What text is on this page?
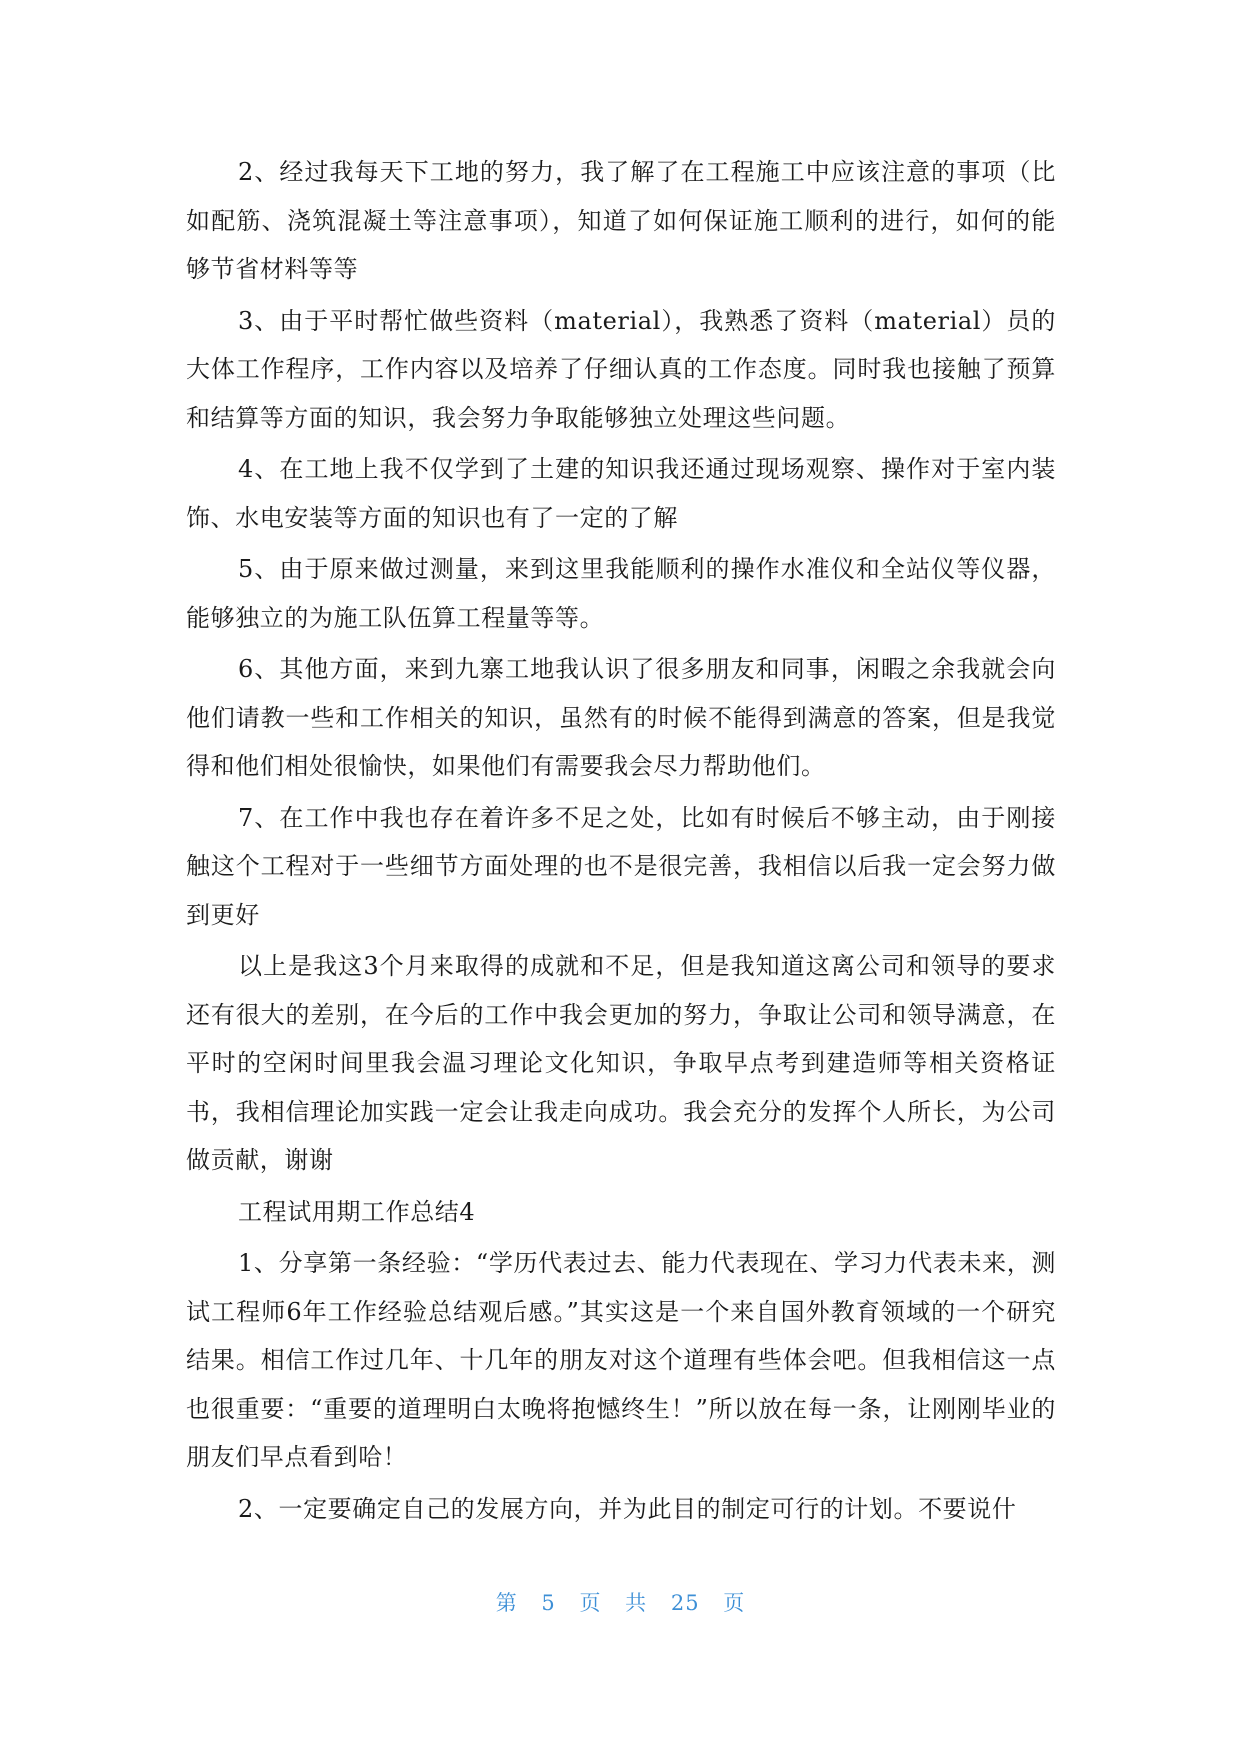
2、经过我每天下工地的努力，我了解了在工程施工中应该注意的事项（比如配筋、浇筑混凝土等注意事项），知道了如何保证施工顺利的进行，如何的能够节省材料等等

3、由于平时帮忙做些资料（material），我熟悉了资料（material）员的大体工作程序，工作内容以及培养了仔细认真的工作态度。同时我也接触了预算和结算等方面的知识，我会努力争取能够独立处理这些问题。

4、在工地上我不仅学到了土建的知识我还通过现场观察、操作对于室内装饰、水电安装等方面的知识也有了一定的了解

5、由于原来做过测量，来到这里我能顺利的操作水准仪和全站仪等仪器，能够独立的为施工队伍算工程量等等。

6、其他方面，来到九寨工地我认识了很多朋友和同事，闲暇之余我就会向他们请教一些和工作相关的知识，虽然有的时候不能得到满意的答案，但是我觉得和他们相处很愉快，如果他们有需要我会尽力帮助他们。

7、在工作中我也存在着许多不足之处，比如有时候后不够主动，由于刚接触这个工程对于一些细节方面处理的也不是很完善，我相信以后我一定会努力做到更好

以上是我这3个月来取得的成就和不足，但是我知道这离公司和领导的要求还有很大的差别，在今后的工作中我会更加的努力，争取让公司和领导满意，在平时的空闲时间里我会温习理论文化知识，争取早点考到建造师等相关资格证书，我相信理论加实践一定会让我走向成功。我会充分的发挥个人所长，为公司做贡献，谢谢

工程试用期工作总结4

1、分享第一条经验：“学历代表过去、能力代表现在、学习力代表未来，测试工程师6年工作经验总结观后感。”其实这是一个来自国外教育领域的一个研究结果。相信工作过几年、十几年的朋友对这个道理有些体会吧。但我相信这一点也很重要：“重要的道理明白太晚将抱憾终生！”所以放在每一条，让刚刚毕业的朋友们早点看到哈！

2、一定要确定自己的发展方向，并为此目的制定可行的计划。不要说什

第 5 页 共 25 页
